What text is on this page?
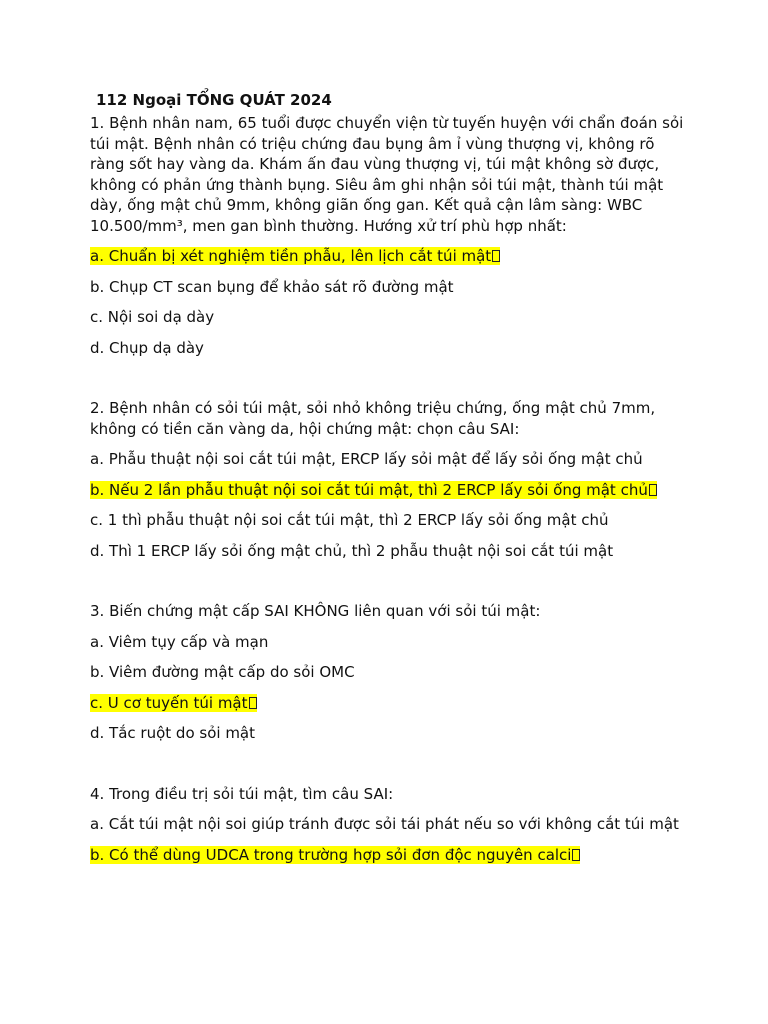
112 Ngoại TỔNG QUÁT 2024
1. Bệnh nhân nam, 65 tuổi được chuyển viện từ tuyến huyện với chẩn đoán sỏi túi mật. Bệnh nhân có triệu chứng đau bụng âm ỉ vùng thượng vị, không rõ ràng sốt hay vàng da. Khám ấn đau vùng thượng vị, túi mật không sờ được, không có phản ứng thành bụng. Siêu âm ghi nhận sỏi túi mật, thành túi mật dày, ống mật chủ 9mm, không giãn ống gan. Kết quả cận lâm sàng: WBC 10.500/mm³, men gan bình thường. Hướng xử trí phù hợp nhất:
a. Chuẩn bị xét nghiệm tiền phẫu, lên lịch cắt túi mật
b. Chụp CT scan bụng để khảo sát rõ đường mật
c. Nội soi dạ dày
d. Chụp dạ dày
2. Bệnh nhân có sỏi túi mật, sỏi nhỏ không triệu chứng, ống mật chủ 7mm, không có tiền căn vàng da, hội chứng mật: chọn câu SAI:
a. Phẫu thuật nội soi cắt túi mật, ERCP lấy sỏi mật để lấy sỏi ống mật chủ
b. Nếu 2 lần phẫu thuật nội soi cắt túi mật, thì 2 ERCP lấy sỏi ống mật chủ
c. 1 thì phẫu thuật nội soi cắt túi mật, thì 2 ERCP lấy sỏi ống mật chủ
d. Thì 1 ERCP lấy sỏi ống mật chủ, thì 2 phẫu thuật nội soi cắt túi mật
3. Biến chứng mật cấp SAI KHÔNG liên quan với sỏi túi mật:
a. Viêm tụy cấp và mạn
b. Viêm đường mật cấp do sỏi OMC
c. U cơ tuyến túi mật
d. Tắc ruột do sỏi mật
4. Trong điều trị sỏi túi mật, tìm câu SAI:
a. Cắt túi mật nội soi giúp tránh được sỏi tái phát nếu so với không cắt túi mật
b. Có thể dùng UDCA trong trường hợp sỏi đơn độc nguyên calci
